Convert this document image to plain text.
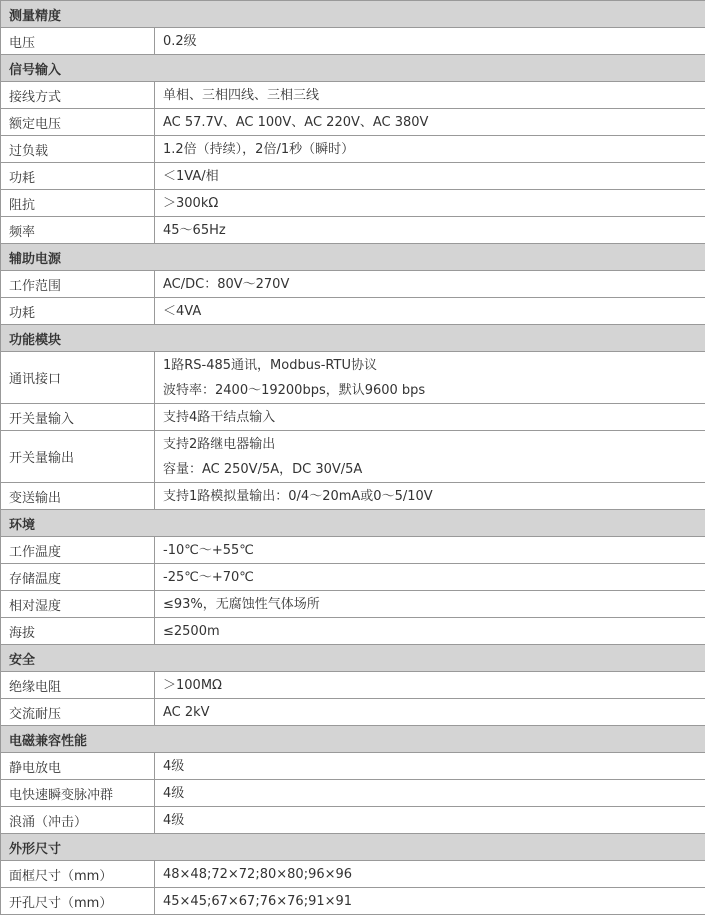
测量精度	
电压	0.2级

信号输入	
接线方式	单相、三相四线、三相三线

额定电压	AC 57.7V、AC 100V、AC 220V、AC 380V

过负载	1.2倍（持续），2倍/1秒（瞬时）

功耗	＜1VA/相

阻抗	＞300kΩ

频率	45～65Hz

辅助电源	
工作范围	AC/DC：80V～270V

功耗	＜4VA

功能模块	
通讯接口	1路RS-485通讯，Modbus-RTU协议
波特率：2400～19200bps，默认9600 bps

开关量输入	支持4路干结点输入

开关量输出	支持2路继电器输出
容量：AC 250V/5A，DC 30V/5A

变送输出	支持1路模拟量输出：0/4～20mA或0～5/10V

环境	
工作温度	-10℃～+55℃

存储温度	-25℃～+70℃

相对湿度	≤93%，无腐蚀性气体场所

海拔	≤2500m

安全	
绝缘电阻	＞100MΩ

交流耐压	AC 2kV

电磁兼容性能	
静电放电	4级

电快速瞬变脉冲群	4级

浪涌（冲击）	4级

外形尺寸	
面框尺寸（mm）	48×48;72×72;80×80;96×96

开孔尺寸（mm）	45×45;67×67;76×76;91×91
